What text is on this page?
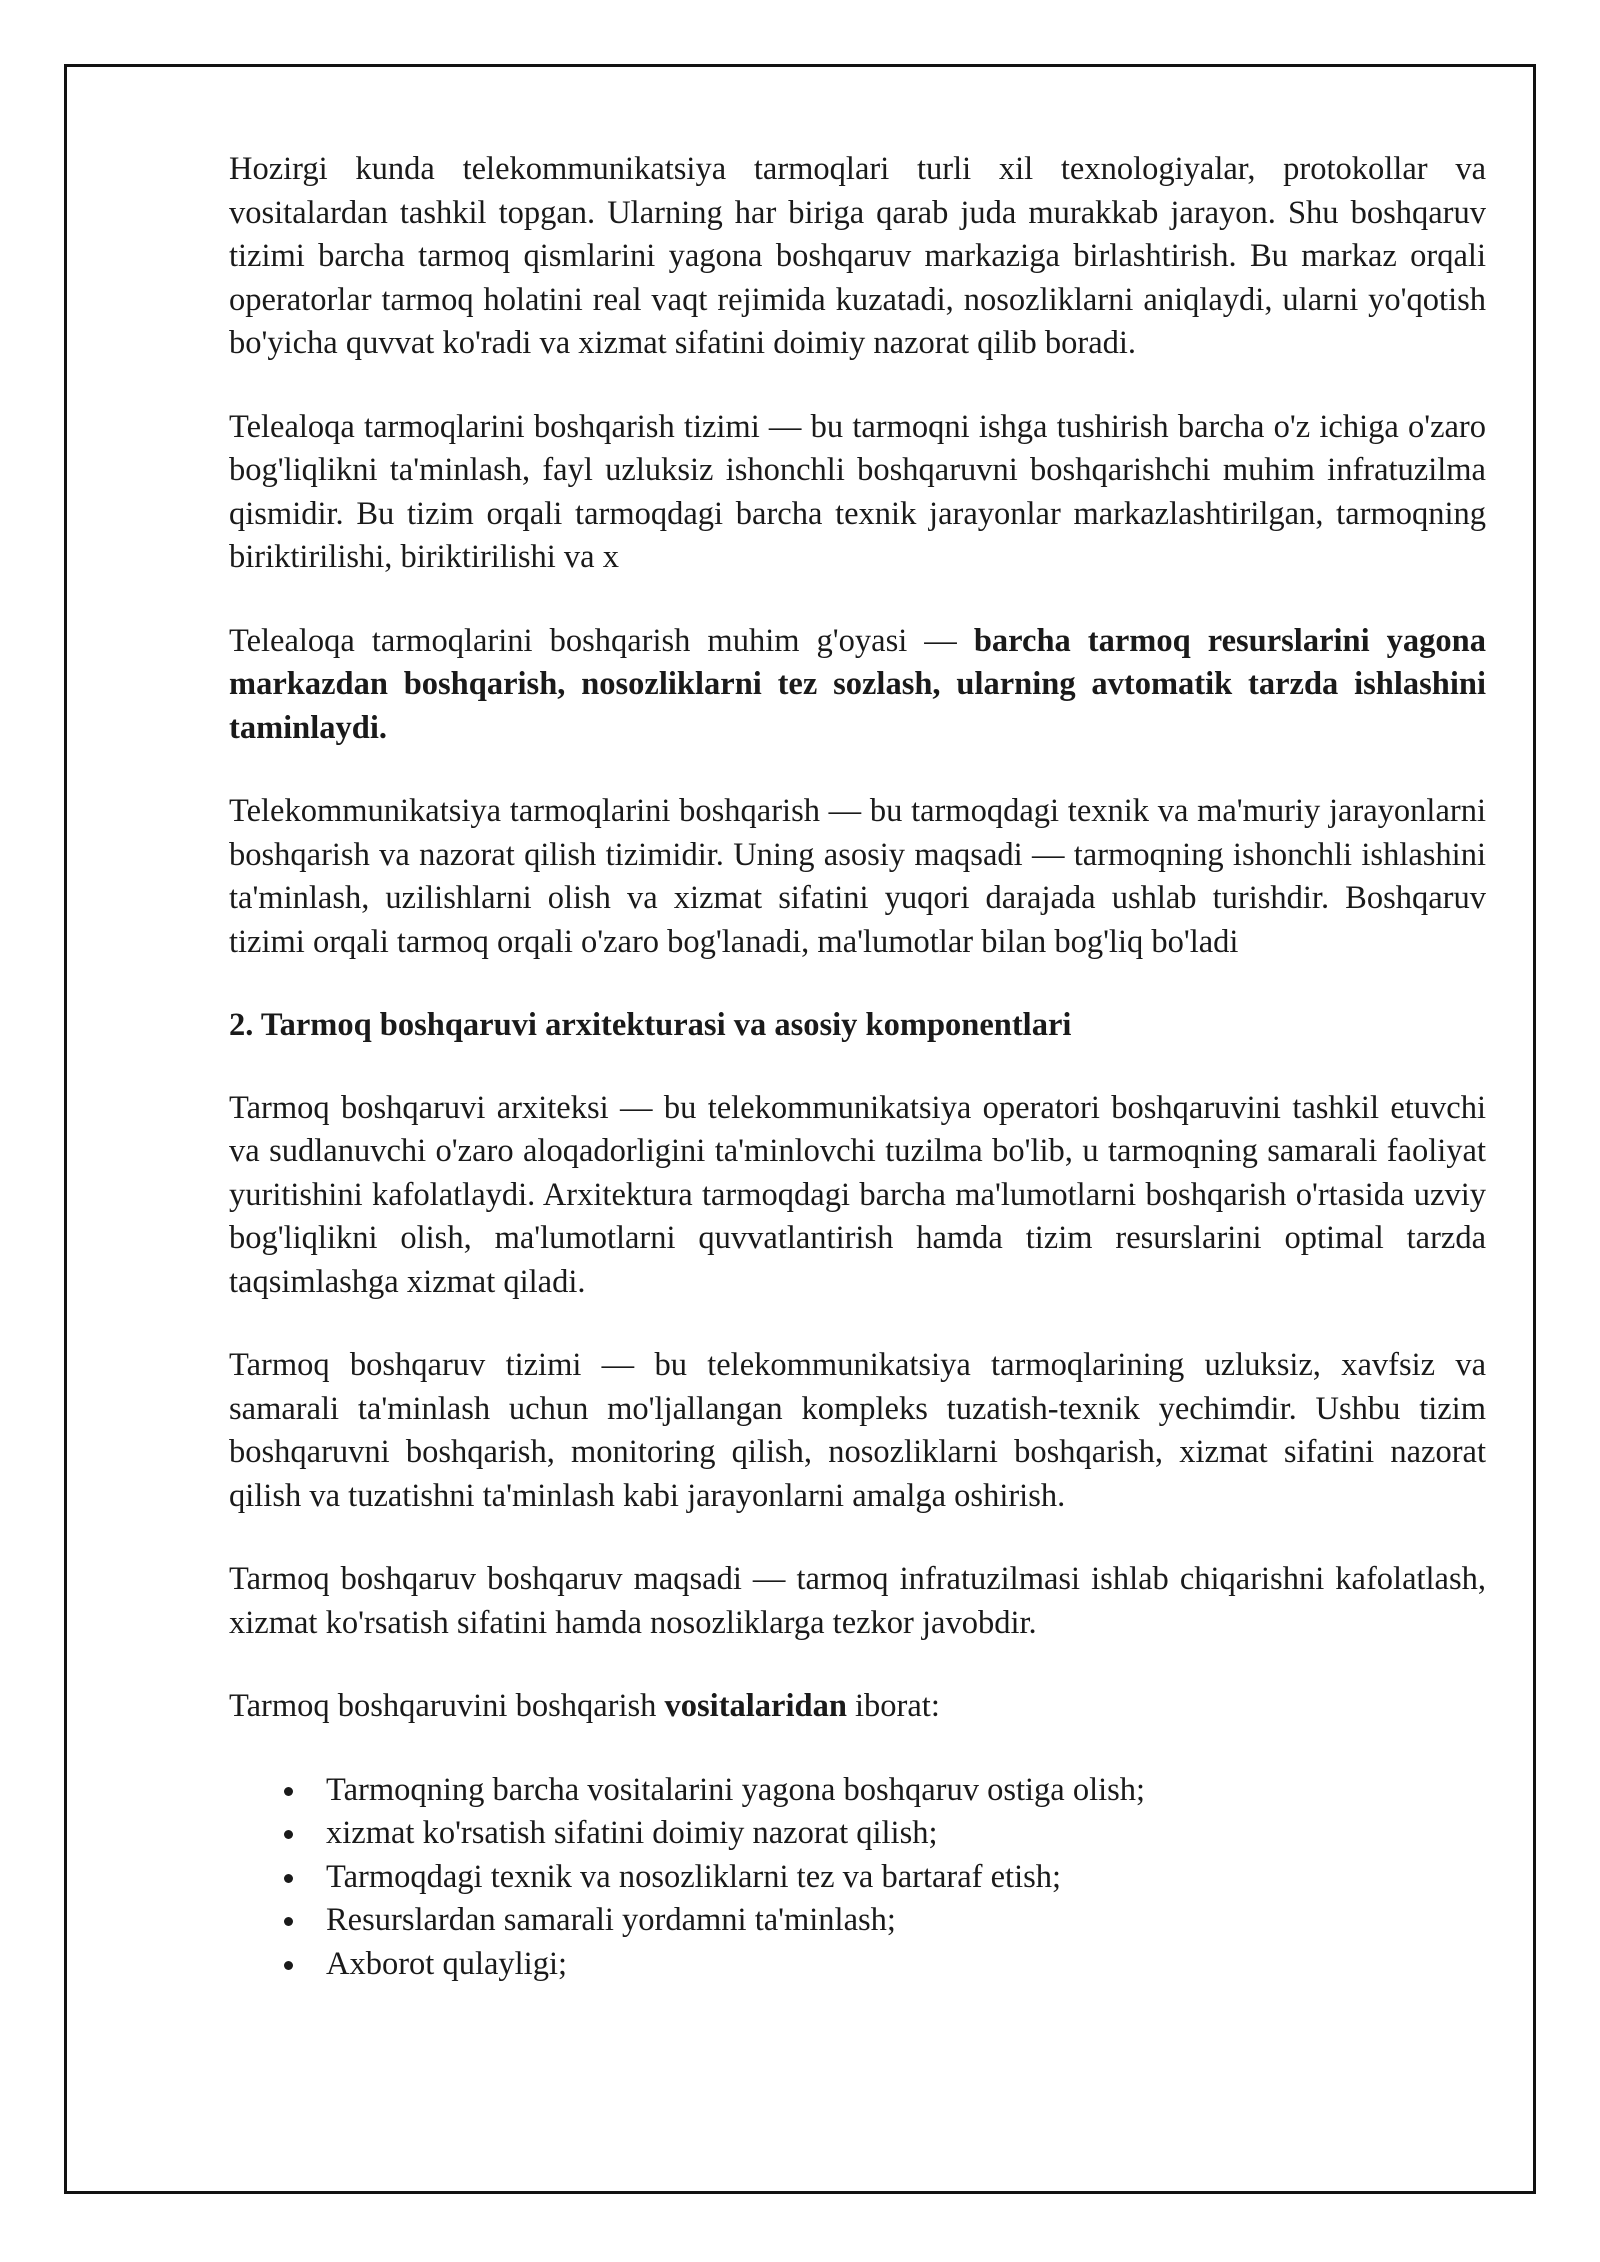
Hozirgi kunda telekommunikatsiya tarmoqlari turli xil texnologiyalar, protokollar va vositalardan tashkil topgan. Ularning har biriga qarab juda murakkab jarayon. Shu boshqaruv tizimi barcha tarmoq qismlarini yagona boshqaruv markaziga birlashtirish. Bu markaz orqali operatorlar tarmoq holatini real vaqt rejimida kuzatadi, nosozliklarni aniqlaydi, ularni yo'qotish bo'yicha quvvat ko'radi va xizmat sifatini doimiy nazorat qilib boradi.

Telealoqa tarmoqlarini boshqarish tizimi — bu tarmoqni ishga tushirish barcha o'z ichiga o'zaro bog'liqlikni ta'minlash, fayl uzluksiz ishonchli boshqaruvni boshqarishchi muhim infratuzilma qismidir. Bu tizim orqali tarmoqdagi barcha texnik jarayonlar markazlashtirilgan, tarmoqning biriktirilishi, biriktirilishi va x

Telealoqa tarmoqlarini boshqarish muhim g'oyasi — barcha tarmoq resurslarini yagona markazdan boshqarish, nosozliklarni tez sozlash, ularning avtomatik tarzda ishlashini taminlaydi.

Telekommunikatsiya tarmoqlarini boshqarish — bu tarmoqdagi texnik va ma'muriy jarayonlarni boshqarish va nazorat qilish tizimidir. Uning asosiy maqsadi — tarmoqning ishonchli ishlashini ta'minlash, uzilishlarni olish va xizmat sifatini yuqori darajada ushlab turishdir. Boshqaruv tizimi orqali tarmoq orqali o'zaro bog'lanadi, ma'lumotlar bilan bog'liq bo'ladi

2. Tarmoq boshqaruvi arxitekturasi va asosiy komponentlari

Tarmoq boshqaruvi arxiteksi — bu telekommunikatsiya operatori boshqaruvini tashkil etuvchi va sudlanuvchi o'zaro aloqadorligini ta'minlovchi tuzilma bo'lib, u tarmoqning samarali faoliyat yuritishini kafolatlaydi. Arxitektura tarmoqdagi barcha ma'lumotlarni boshqarish o'rtasida uzviy bog'liqlikni olish, ma'lumotlarni quvvatlantirish hamda tizim resurslarini optimal tarzda taqsimlashga xizmat qiladi.

Tarmoq boshqaruv tizimi — bu telekommunikatsiya tarmoqlarining uzluksiz, xavfsiz va samarali ta'minlash uchun mo'ljallangan kompleks tuzatish-texnik yechimdir. Ushbu tizim boshqaruvni boshqarish, monitoring qilish, nosozliklarni boshqarish, xizmat sifatini nazorat qilish va tuzatishni ta'minlash kabi jarayonlarni amalga oshirish.

Tarmoq boshqaruv boshqaruv maqsadi — tarmoq infratuzilmasi ishlab chiqarishni kafolatlash, xizmat ko'rsatish sifatini hamda nosozliklarga tezkor javobdir.

Tarmoq boshqaruvini boshqarish vositalaridan iborat:

Tarmoqning barcha vositalarini yagona boshqaruv ostiga olish;
xizmat ko'rsatish sifatini doimiy nazorat qilish;
Tarmoqdagi texnik va nosozliklarni tez va bartaraf etish;
Resurslardan samarali yordamni ta'minlash;
Axborot qulayligi;
